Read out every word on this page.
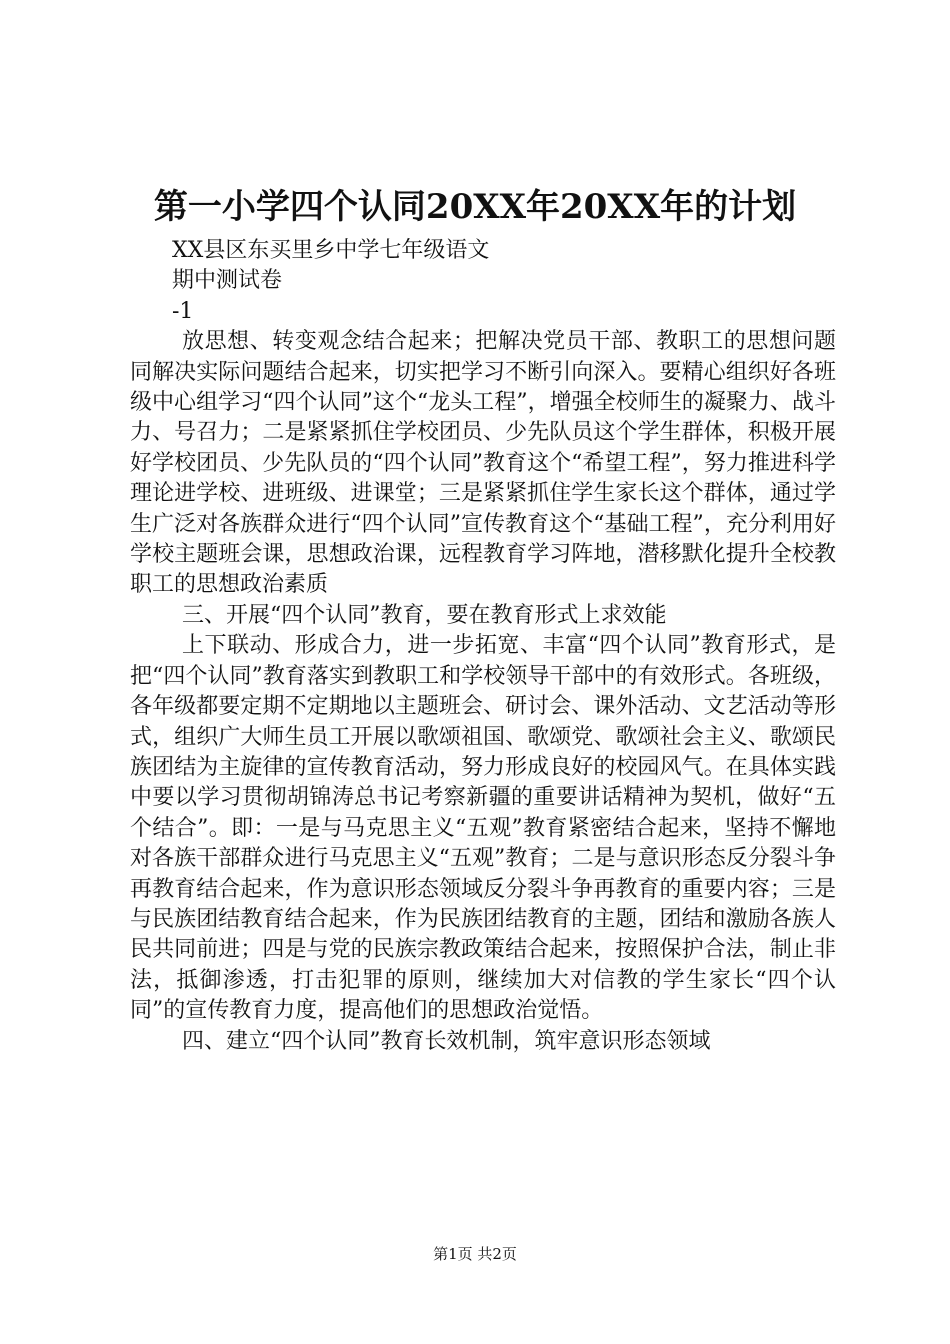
第一小学四个认同20XX年20XX年的计划

XX县区东买里乡中学七年级语文

期中测试卷

-1

放思想、转变观念结合起来；把解决党员干部、教职工的思想问题同解决实际问题结合起来，切实把学习不断引向深入。要精心组织好各班级中心组学习“四个认同”这个“龙头工程”，增强全校师生的凝聚力、战斗力、号召力；二是紧紧抓住学校团员、少先队员这个学生群体，积极开展好学校团员、少先队员的“四个认同”教育这个“希望工程”，努力推进科学理论进学校、进班级、进课堂；三是紧紧抓住学生家长这个群体，通过学生广泛对各族群众进行“四个认同”宣传教育这个“基础工程”，充分利用好学校主题班会课，思想政治课，远程教育学习阵地，潜移默化提升全校教职工的思想政治素质

三、开展“四个认同”教育，要在教育形式上求效能

上下联动、形成合力，进一步拓宽、丰富“四个认同”教育形式，是把“四个认同”教育落实到教职工和学校领导干部中的有效形式。各班级，各年级都要定期不定期地以主题班会、研讨会、课外活动、文艺活动等形式，组织广大师生员工开展以歌颂祖国、歌颂党、歌颂社会主义、歌颂民族团结为主旋律的宣传教育活动，努力形成良好的校园风气。在具体实践中要以学习贯彻胡锦涛总书记考察新疆的重要讲话精神为契机，做好“五个结合”。即：一是与马克思主义“五观”教育紧密结合起来，坚持不懈地对各族干部群众进行马克思主义“五观”教育；二是与意识形态反分裂斗争再教育结合起来，作为意识形态领域反分裂斗争再教育的重要内容；三是与民族团结教育结合起来，作为民族团结教育的主题，团结和激励各族人民共同前进；四是与党的民族宗教政策结合起来，按照保护合法，制止非法，抵御渗透，打击犯罪的原则，继续加大对信教的学生家长“四个认同”的宣传教育力度，提高他们的思想政治觉悟。

四、建立“四个认同”教育长效机制，筑牢意识形态领域

第1页 共2页
